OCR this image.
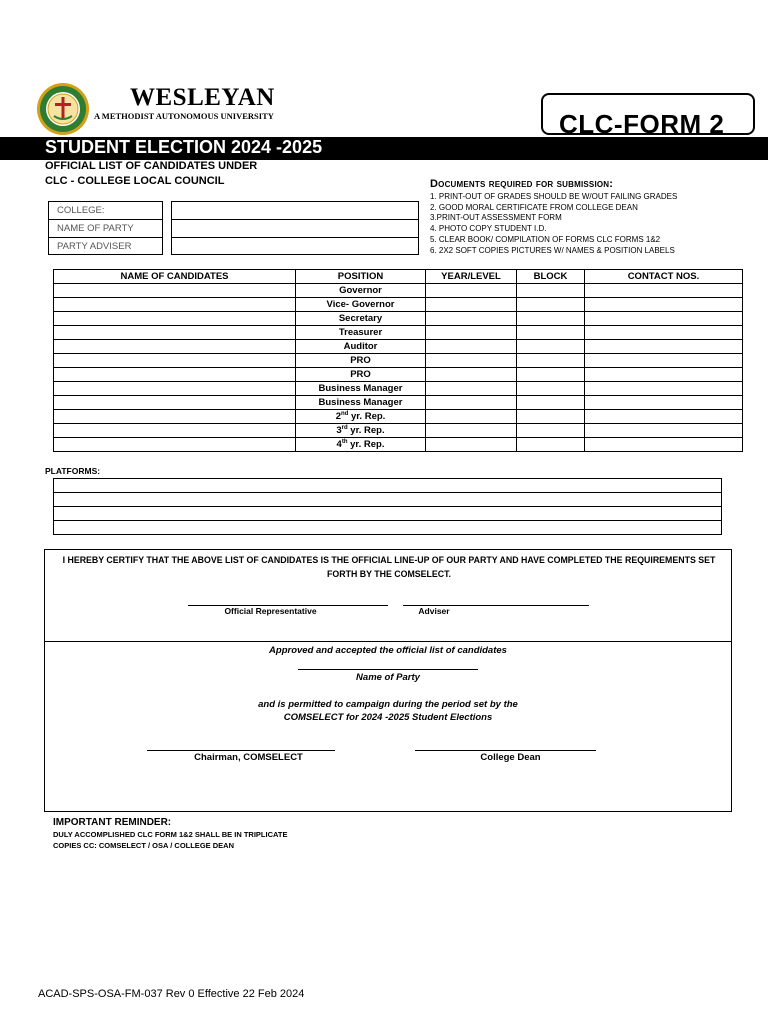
WESLEYAN
A METHODIST AUTONOMOUS UNIVERSITY	CLC-FORM 2
STUDENT ELECTION 2024 -2025
OFFICIAL LIST OF CANDIDATES UNDER
CLC - COLLEGE LOCAL COUNCIL	Documents required for submission:
1. PRINT-OUT OF GRADES SHOULD BE W/OUT FAILING GRADES
2. GOOD MORAL CERTIFICATE FROM COLLEGE DEAN
3.PRINT-OUT ASSESSMENT FORM
4. PHOTO COPY STUDENT I.D.
5. CLEAR BOOK/ COMPILATION OF FORMS CLC FORMS 1&2
6. 2X2 SOFT COPIES PICTURES W/ NAMES & POSITION LABELS
COLLEGE:
NAME OF PARTY
PARTY ADVISER
NAME OF CANDIDATES	POSITION	YEAR/LEVEL	BLOCK	CONTACT NOS.
	Governor			
	Vice- Governor			
	Secretary			
	Treasurer			
	Auditor			
	PRO			
	PRO			
	Business Manager			
	Business Manager			
	2nd yr. Rep.			
	3rd yr. Rep.			
	4th yr. Rep.			
PLATFORMS:

I HEREBY CERTIFY THAT THE ABOVE LIST OF CANDIDATES IS THE OFFICIAL LINE-UP OF OUR PARTY AND HAVE COMPLETED THE REQUIREMENTS SET FORTH BY THE COMSELECT.
Official Representative	Adviser
Approved and accepted the official list of candidates
Name of Party
and is permitted to campaign during the period set by the
COMSELECT for 2024 -2025 Student Elections
Chairman, COMSELECT	College Dean
IMPORTANT REMINDER:
DULY ACCOMPLISHED CLC FORM 1&2 SHALL BE IN TRIPLICATE
COPIES CC: COMSELECT / OSA / COLLEGE DEAN
ACAD-SPS-OSA-FM-037 Rev 0 Effective 22 Feb 2024
